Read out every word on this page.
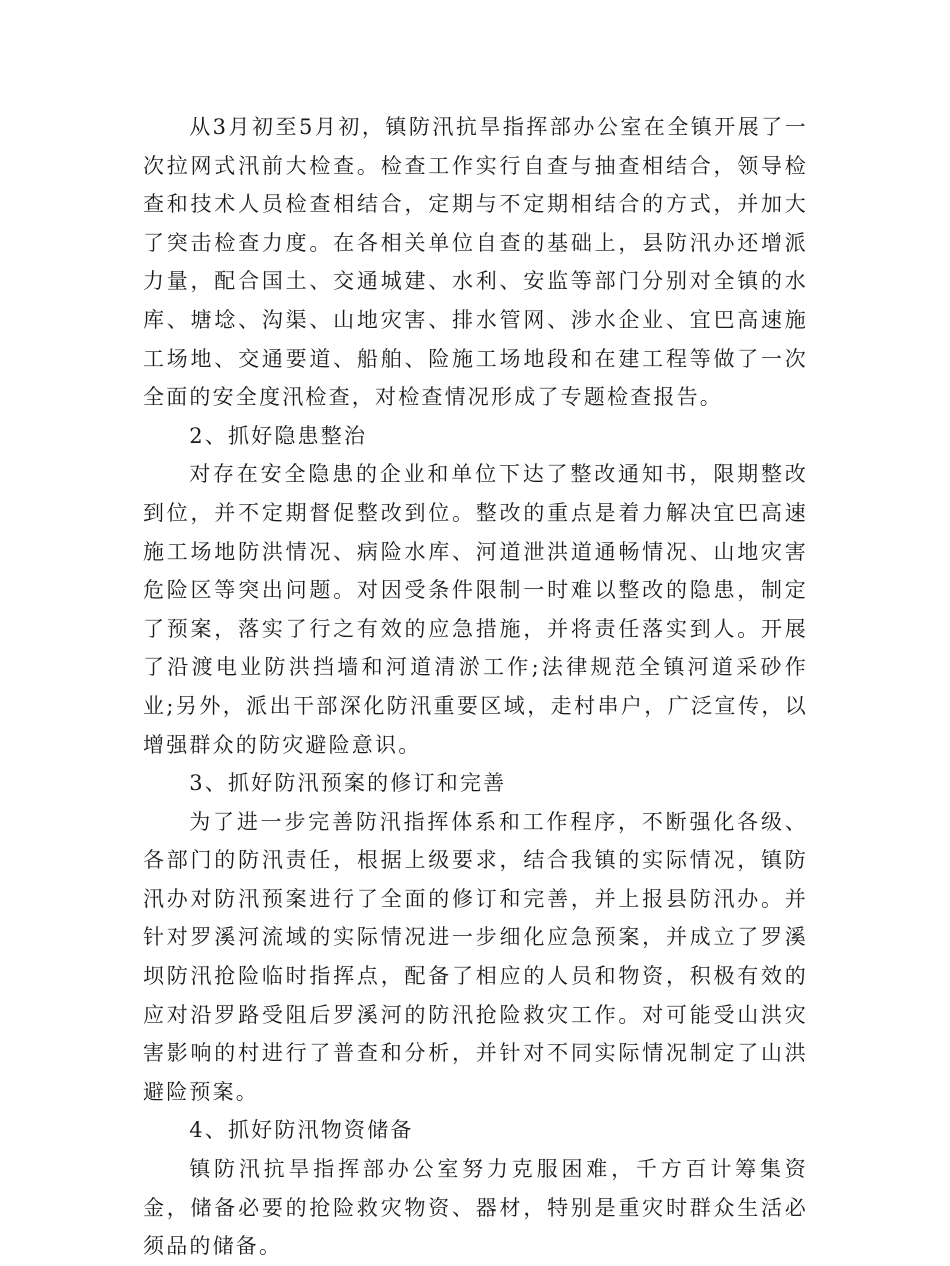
从3月初至5月初，镇防汛抗旱指挥部办公室在全镇开展了一次拉网式汛前大检查。检查工作实行自查与抽查相结合，领导检查和技术人员检查相结合，定期与不定期相结合的方式，并加大了突击检查力度。在各相关单位自查的基础上，县防汛办还增派力量，配合国土、交通城建、水利、安监等部门分别对全镇的水库、塘埝、沟渠、山地灾害、排水管网、涉水企业、宜巴高速施工场地、交通要道、船舶、险施工场地段和在建工程等做了一次全面的安全度汛检查，对检查情况形成了专题检查报告。

2、抓好隐患整治

对存在安全隐患的企业和单位下达了整改通知书，限期整改到位，并不定期督促整改到位。整改的重点是着力解决宜巴高速施工场地防洪情况、病险水库、河道泄洪道通畅情况、山地灾害危险区等突出问题。对因受条件限制一时难以整改的隐患，制定了预案，落实了行之有效的应急措施，并将责任落实到人。开展了沿渡电业防洪挡墙和河道清淤工作;法律规范全镇河道采砂作业;另外，派出干部深化防汛重要区域，走村串户，广泛宣传，以增强群众的防灾避险意识。

3、抓好防汛预案的修订和完善

为了进一步完善防汛指挥体系和工作程序，不断强化各级、各部门的防汛责任，根据上级要求，结合我镇的实际情况，镇防汛办对防汛预案进行了全面的修订和完善，并上报县防汛办。并针对罗溪河流域的实际情况进一步细化应急预案，并成立了罗溪坝防汛抢险临时指挥点，配备了相应的人员和物资，积极有效的应对沿罗路受阻后罗溪河的防汛抢险救灾工作。对可能受山洪灾害影响的村进行了普查和分析，并针对不同实际情况制定了山洪避险预案。

4、抓好防汛物资储备

镇防汛抗旱指挥部办公室努力克服困难，千方百计筹集资金，储备必要的抢险救灾物资、器材，特别是重灾时群众生活必须品的储备。
